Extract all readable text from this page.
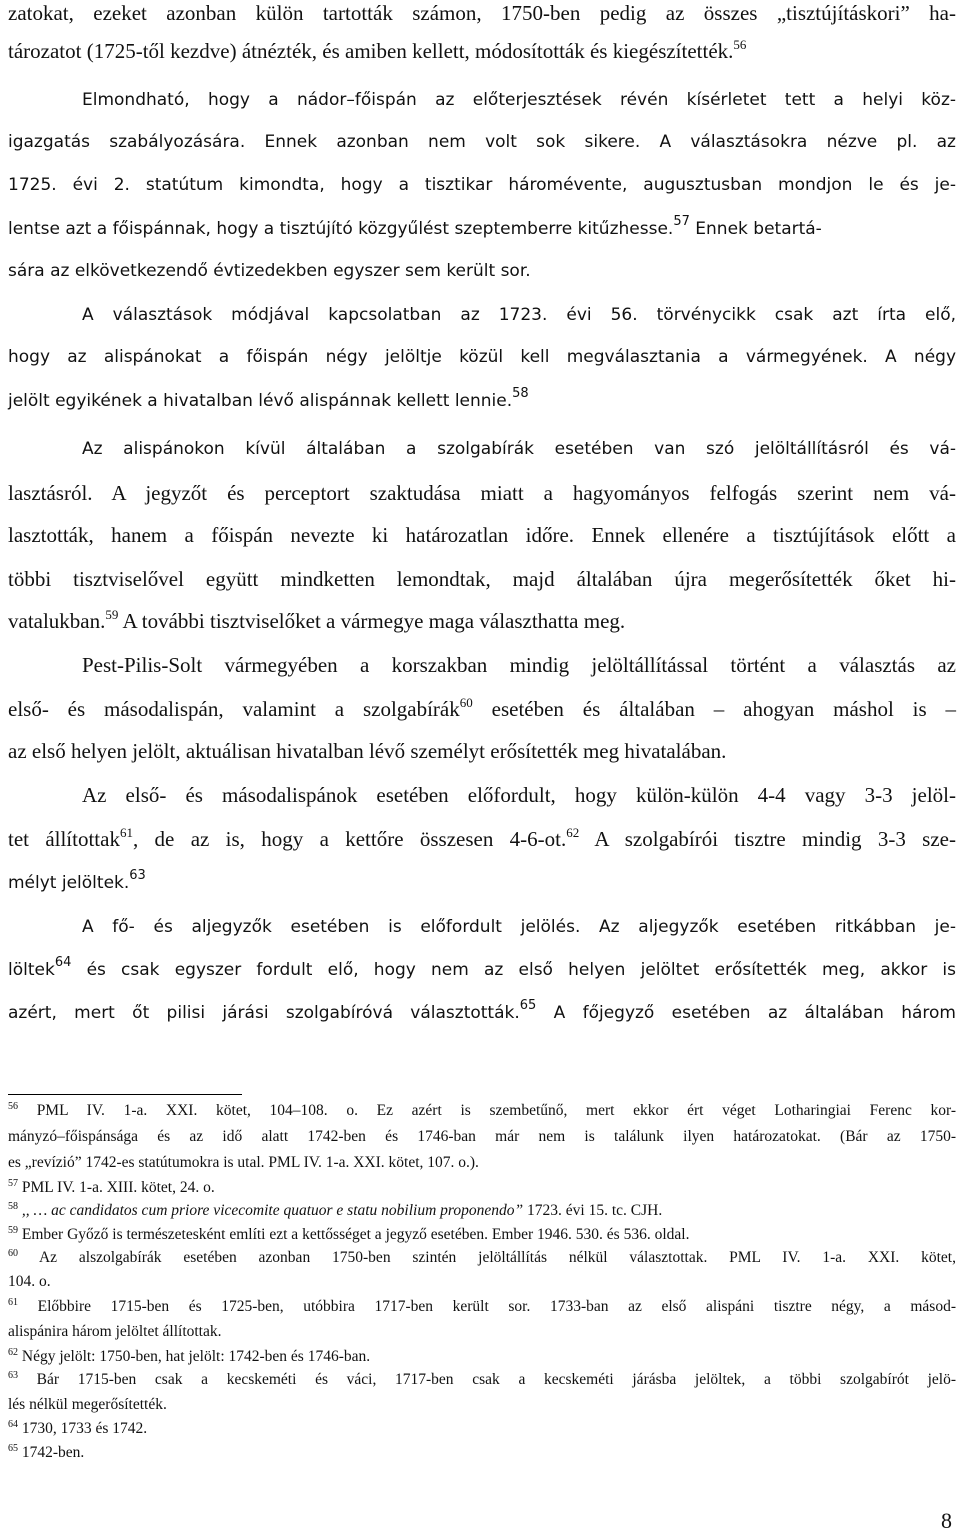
zatokat, ezeket azonban külön tartották számon, 1750-ben pedig az összes „tisztújításkori” ha-
tározatot (1725-től kezdve) átnézték, és amiben kellett, módosították és kiegészítették.$^{56}$
Elmondható, hogy a nádor–főispán az előterjesztések révén kísérletet tett a helyi köz-
igazgatás szabályozására. Ennek azonban nem volt sok sikere. A választásokra nézve pl. az
1725. évi 2. statútum kimondta, hogy a tisztikar háromévente, augusztusban mondjon le és je-
lentse azt a főispánnak, hogy a tisztújító közgyűlést szeptemberre kitűzhesse.$^{57}$ Ennek betartá-
sára az elkövetkezendő évtizedekben egyszer sem került sor.
A választások módjával kapcsolatban az 1723. évi 56. törvénycikk csak azt írta elő,
hogy az alispánokat a főispán négy jelöltje közül kell megválasztania a vármegyének. A négy
jelölt egyikének a hivatalban lévő alispánnak kellett lennie.$^{58}$
Az alispánokon kívül általában a szolgabírák esetében van szó jelöltállításról és vá-
lasztásról. A jegyzőt és perceptort szaktudása miatt a hagyományos felfogás szerint nem vá-
lasztották, hanem a főispán nevezte ki határozatlan időre. Ennek ellenére a tisztújítások előtt a
többi tisztviselővel együtt mindketten lemondtak, majd általában újra megerősítették őket hi-
vatalukban.$^{59}$ A további tisztviselőket a vármegye maga választhatta meg.
Pest-Pilis-Solt vármegyében a korszakban mindig jelöltállítással történt a választás az
első- és másodalispán, valamint a szolgabírák$^{60}$ esetében és általában – ahogyan máshol is –
az első helyen jelölt, aktuálisan hivatalban lévő személyt erősítették meg hivatalában.
Az első- és másodalispánok esetében előfordult, hogy külön-külön 4-4 vagy 3-3 jelöl-
tet állítottak$^{61}$, de az is, hogy a kettőre összesen 4-6-ot.$^{62}$ A szolgabírói tisztre mindig 3-3 sze-
mélyt jelöltek.$^{63}$
A fő- és aljegyzők esetében is előfordult jelölés. Az aljegyzők esetében ritkábban je-
löltek$^{64}$ és csak egyszer fordult elő, hogy nem az első helyen jelöltet erősítették meg, akkor is
azért, mert őt pilisi járási szolgabíróvá választották.$^{65}$ A főjegyző esetében az általában három
$^{56}$ PML IV. 1-a. XXI. kötet, 104–108. o. Ez azért is szembetűnő, mert ekkor ért véget Lotharingiai Ferenc kor-
mányzó–főispánsága és az idő alatt 1742-ben és 1746-ban már nem is találunk ilyen határozatokat. (Bár az 1750-
es „revízió” 1742-es statútumokra is utal. PML IV. 1-a. XXI. kötet, 107. o.).
$^{57}$ PML IV. 1-a. XIII. kötet, 24. o.
$^{58}$ ,, … ac candidatos cum priore vicecomite quatuor e statu nobilium proponendo” 1723. évi 15. tc. CJH.
$^{59}$ Ember Győző is természetesként említi ezt a kettősséget a jegyző esetében. Ember 1946. 530. és 536. oldal.
$^{60}$ Az alszolgabírák esetében azonban 1750-ben szintén jelöltállítás nélkül választottak. PML IV. 1-a. XXI. kötet,
104. o.
$^{61}$ Előbbire 1715-ben és 1725-ben, utóbbira 1717-ben került sor. 1733-ban az első alispáni tisztre négy, a másod-
alispánira három jelöltet állítottak.
$^{62}$ Négy jelölt: 1750-ben, hat jelölt: 1742-ben és 1746-ban.
$^{63}$ Bár 1715-ben csak a kecskeméti és váci, 1717-ben csak a kecskeméti járásba jelöltek, a többi szolgabírót jelö-
lés nélkül megerősítették.
$^{64}$ 1730, 1733 és 1742.
$^{65}$ 1742-ben.
8
